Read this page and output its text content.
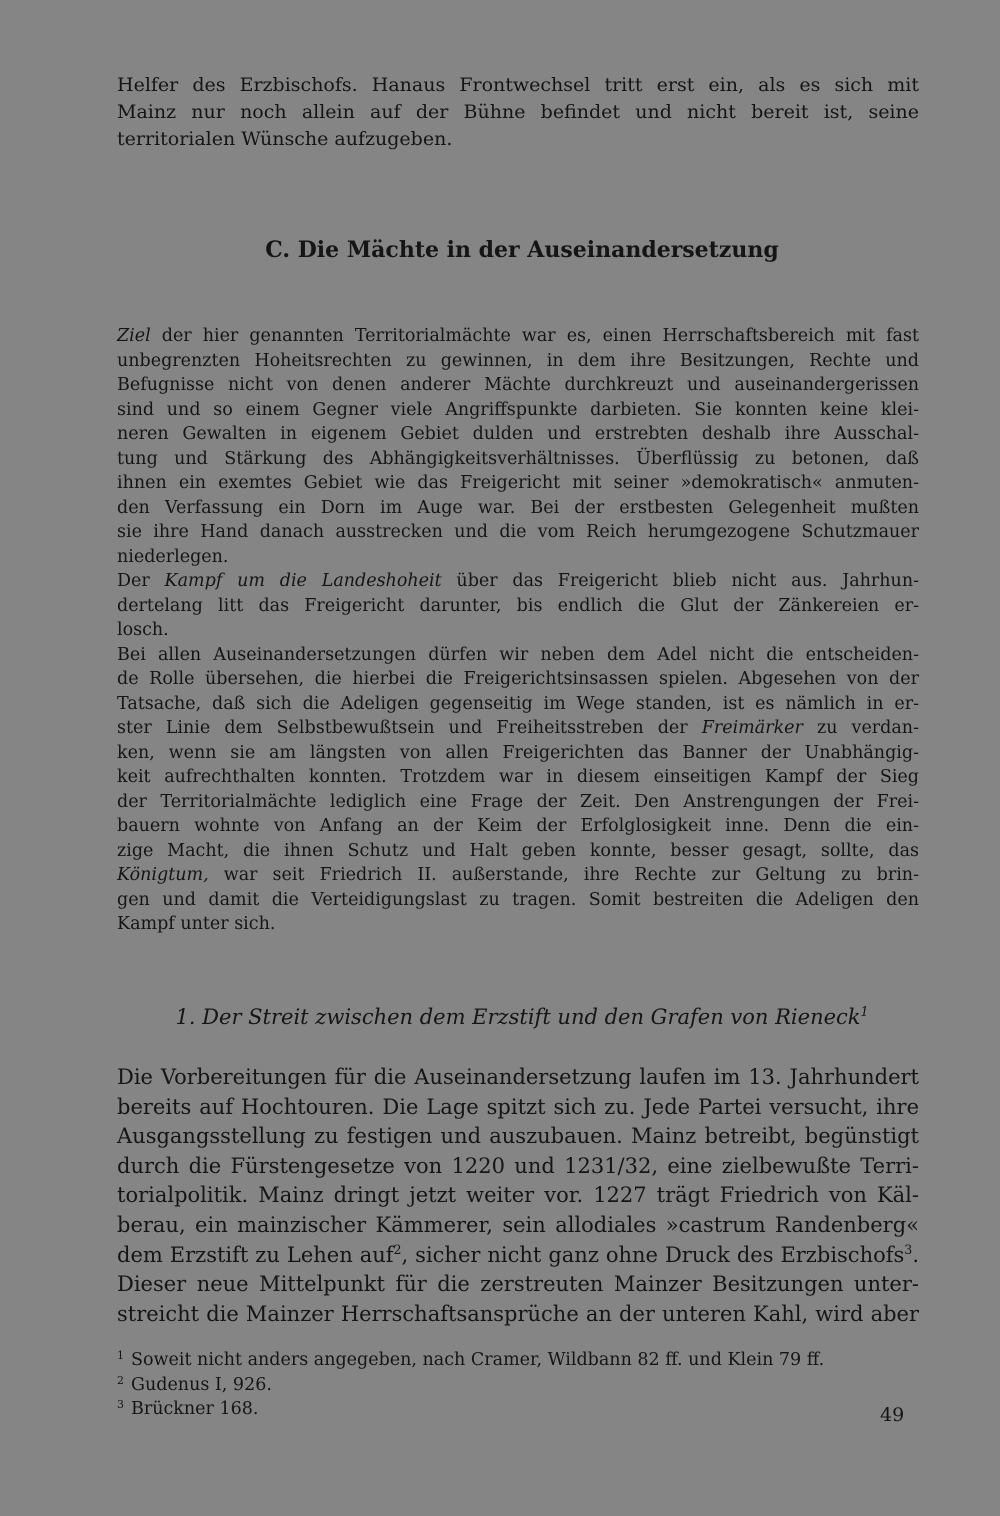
Helfer des Erzbischofs. Hanaus Frontwechsel tritt erst ein, als es sich mit
Mainz nur noch allein auf der Bühne befindet und nicht bereit ist, seine
territorialen Wünsche aufzugeben.
C. Die Mächte in der Auseinandersetzung
Ziel der hier genannten Territorialmächte war es, einen Herrschaftsbereich mit fast
unbegrenzten Hoheitsrechten zu gewinnen, in dem ihre Besitzungen, Rechte und
Befugnisse nicht von denen anderer Mächte durchkreuzt und auseinandergerissen
sind und so einem Gegner viele Angriffspunkte darbieten. Sie konnten keine klei-
neren Gewalten in eigenem Gebiet dulden und erstrebten deshalb ihre Ausschal-
tung und Stärkung des Abhängigkeitsverhältnisses. Überflüssig zu betonen, daß
ihnen ein exemtes Gebiet wie das Freigericht mit seiner »demokratisch« anmuten-
den Verfassung ein Dorn im Auge war. Bei der erstbesten Gelegenheit mußten
sie ihre Hand danach ausstrecken und die vom Reich herumgezogene Schutzmauer
niederlegen.
Der Kampf um die Landeshoheit über das Freigericht blieb nicht aus. Jahrhun-
dertelang litt das Freigericht darunter, bis endlich die Glut der Zänkereien er-
losch.
Bei allen Auseinandersetzungen dürfen wir neben dem Adel nicht die entscheiden-
de Rolle übersehen, die hierbei die Freigerichtsinsassen spielen. Abgesehen von der
Tatsache, daß sich die Adeligen gegenseitig im Wege standen, ist es nämlich in er-
ster Linie dem Selbstbewußtsein und Freiheitsstreben der Freimärker zu verdan-
ken, wenn sie am längsten von allen Freigerichten das Banner der Unabhängig-
keit aufrechthalten konnten. Trotzdem war in diesem einseitigen Kampf der Sieg
der Territorialmächte lediglich eine Frage der Zeit. Den Anstrengungen der Frei-
bauern wohnte von Anfang an der Keim der Erfolglosigkeit inne. Denn die ein-
zige Macht, die ihnen Schutz und Halt geben konnte, besser gesagt, sollte, das
Königtum, war seit Friedrich II. außerstande, ihre Rechte zur Geltung zu brin-
gen und damit die Verteidigungslast zu tragen. Somit bestreiten die Adeligen den
Kampf unter sich.
1. Der Streit zwischen dem Erzstift und den Grafen von Rieneck$^1$
Die Vorbereitungen für die Auseinandersetzung laufen im 13. Jahrhundert
bereits auf Hochtouren. Die Lage spitzt sich zu. Jede Partei versucht, ihre
Ausgangsstellung zu festigen und auszubauen. Mainz betreibt, begünstigt
durch die Fürstengesetze von 1220 und 1231/32, eine zielbewußte Terri-
torialpolitik. Mainz dringt jetzt weiter vor. 1227 trägt Friedrich von Käl-
berau, ein mainzischer Kämmerer, sein allodiales »castrum Randenberg«
dem Erzstift zu Lehen auf$^2$, sicher nicht ganz ohne Druck des Erzbischofs$^3$.
Dieser neue Mittelpunkt für die zerstreuten Mainzer Besitzungen unter-
streicht die Mainzer Herrschaftsansprüche an der unteren Kahl, wird aber
1 Soweit nicht anders angegeben, nach Cramer, Wildbann 82 ff. und Klein 79 ff.
2 Gudenus I, 926.
3 Brückner 168.	49
